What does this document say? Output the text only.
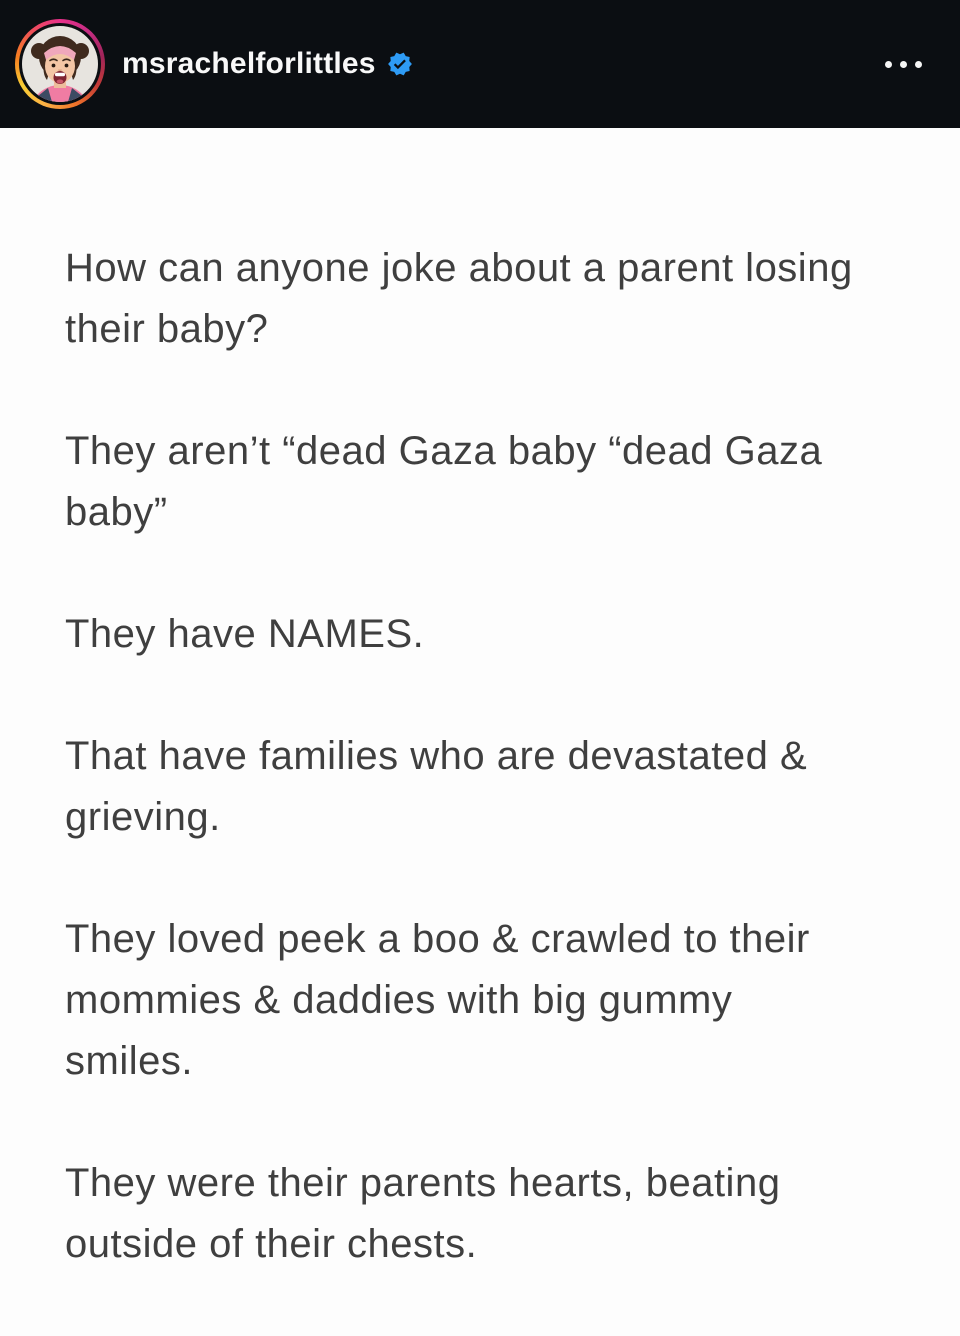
msrachelforlittles

How can anyone joke about a parent losing their baby?

They aren’t “dead Gaza baby “dead Gaza baby”

They have NAMES.

That have families who are devastated & grieving.

They loved peek a boo & crawled to their mommies & daddies with big gummy smiles.

They were their parents hearts, beating outside of their chests.
